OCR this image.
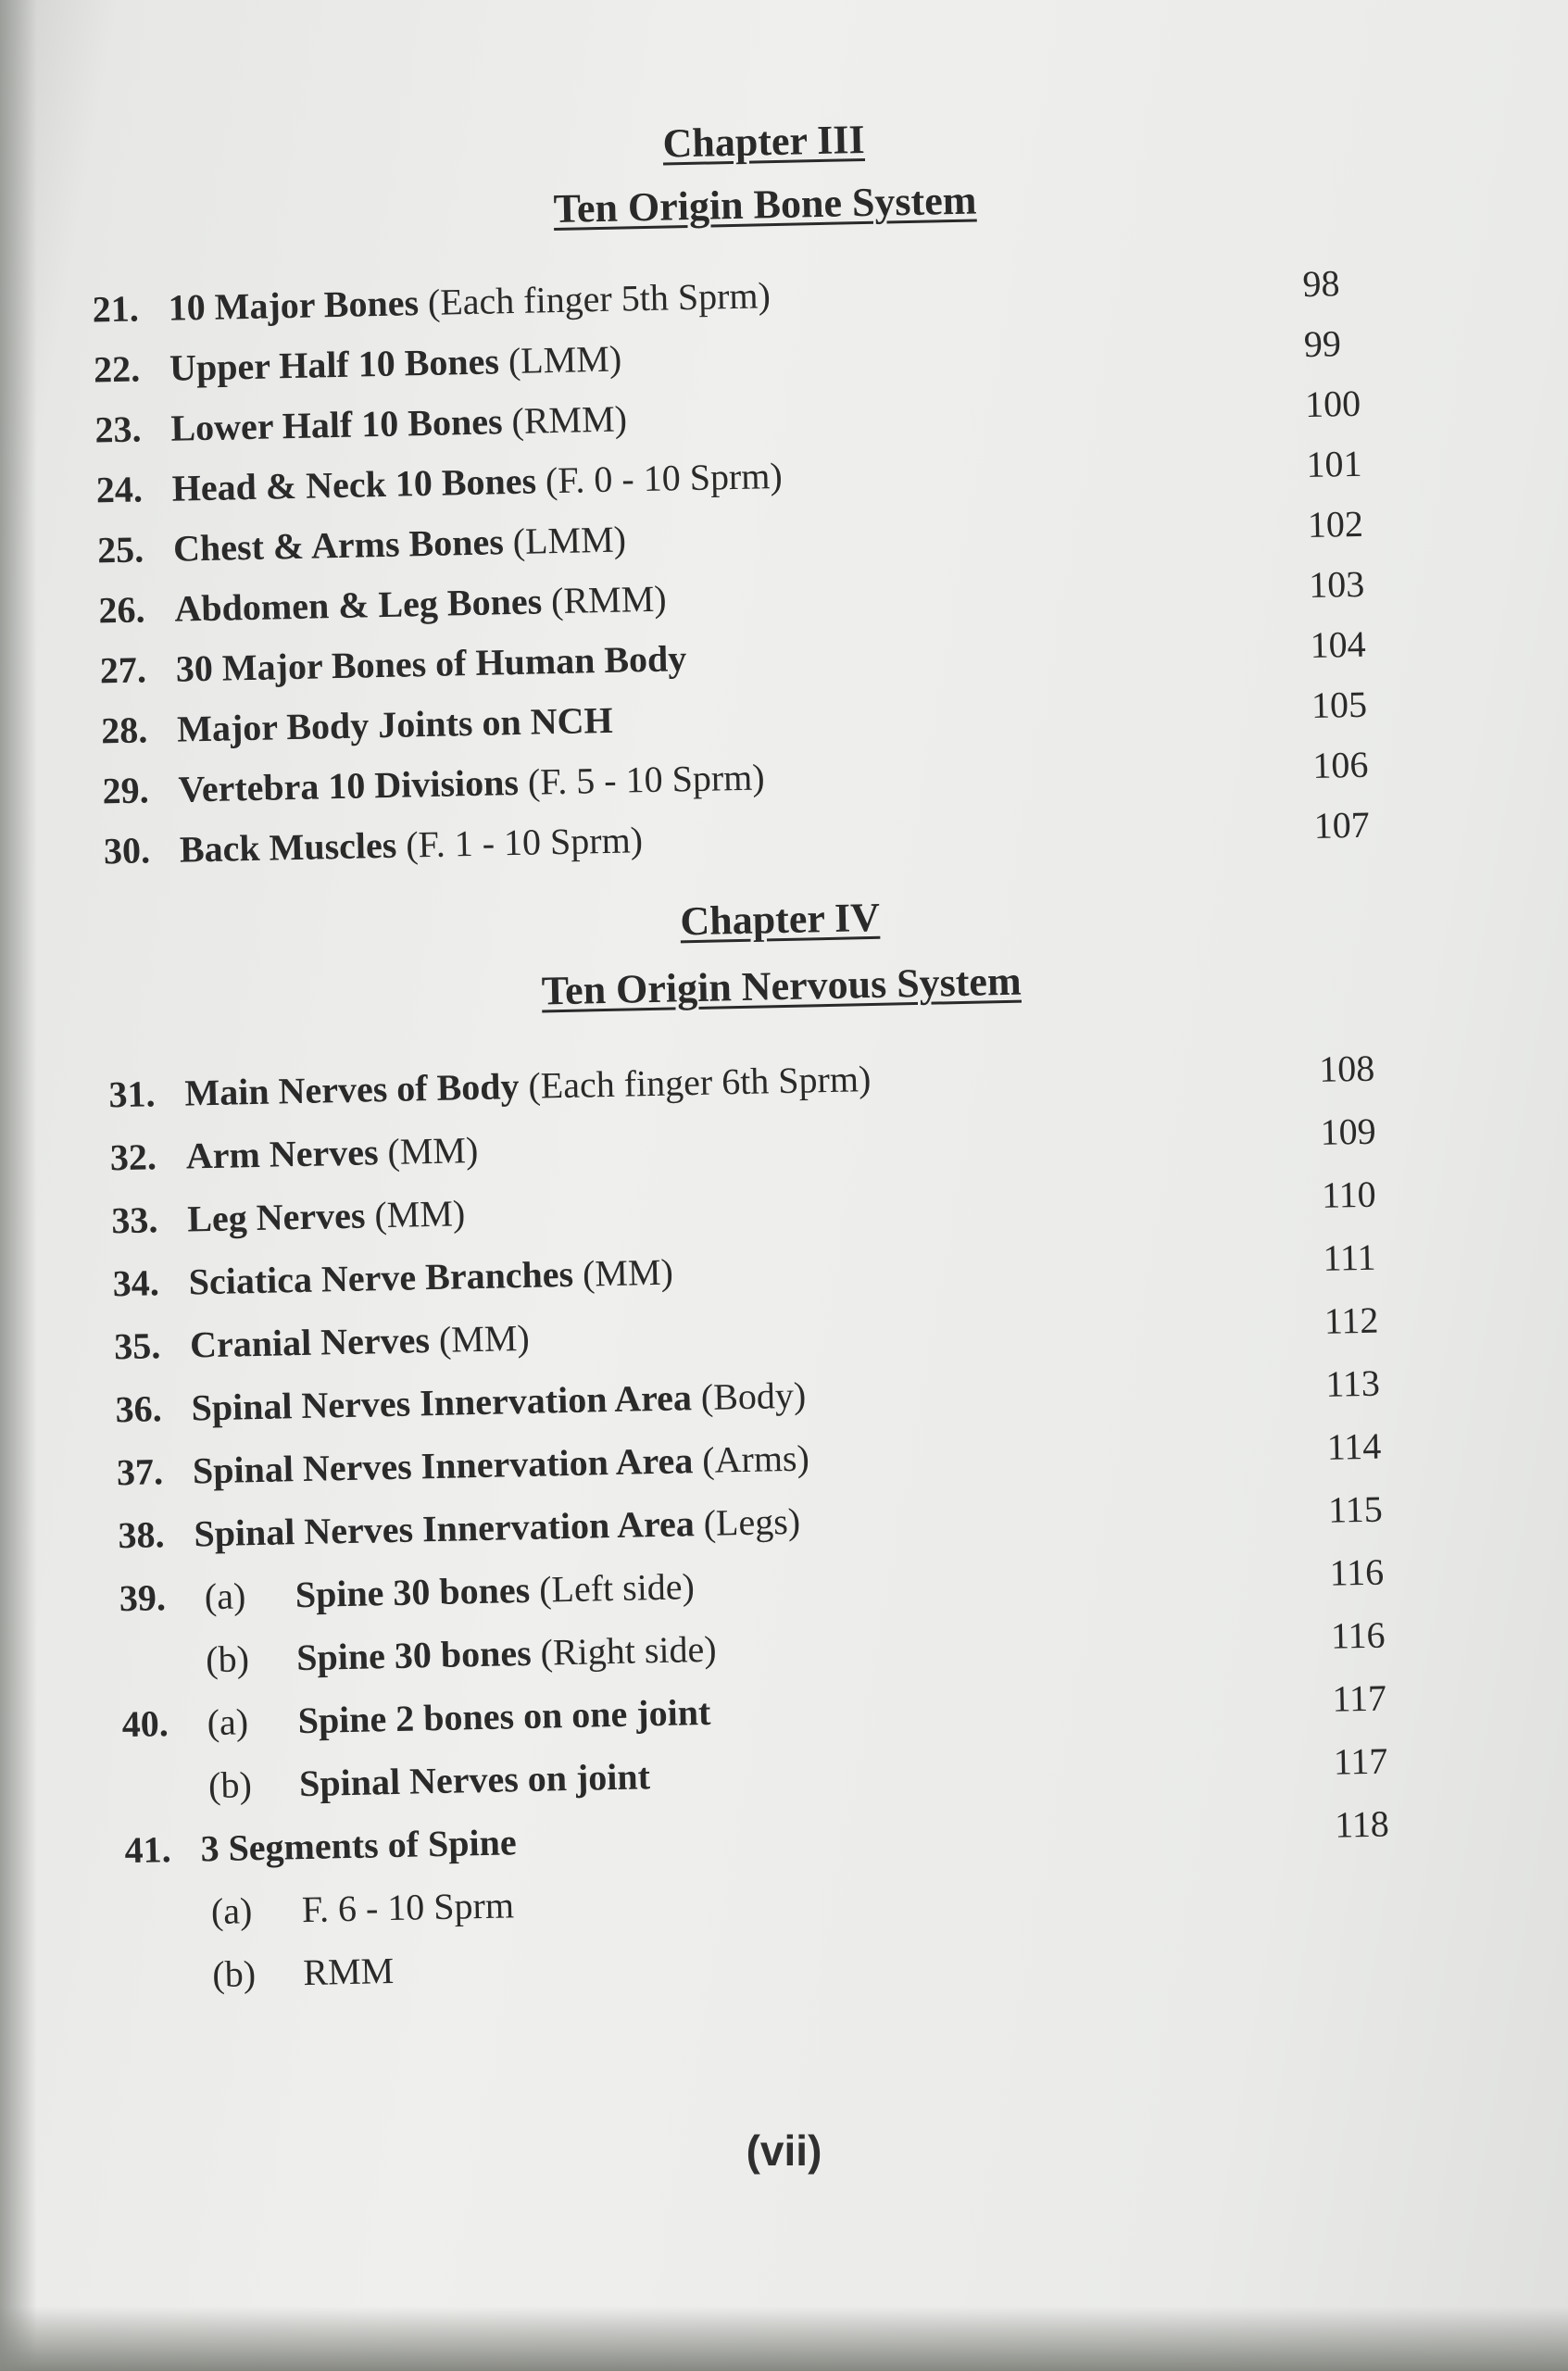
Chapter III
Ten Origin Bone System
21. 10 Major Bones (Each finger 5th Sprm)	98
22. Upper Half 10 Bones (LMM)	99
23. Lower Half 10 Bones (RMM)	100
24. Head & Neck 10 Bones (F. 0 - 10 Sprm)	101
25. Chest & Arms Bones (LMM)	102
26. Abdomen & Leg Bones (RMM)	103
27. 30 Major Bones of Human Body	104
28. Major Body Joints on NCH	105
29. Vertebra 10 Divisions (F. 5 - 10 Sprm)	106
30. Back Muscles (F. 1 - 10 Sprm)	107
Chapter IV
Ten Origin Nervous System
31. Main Nerves of Body (Each finger 6th Sprm)	108
32. Arm Nerves (MM)	109
33. Leg Nerves (MM)	110
34. Sciatica Nerve Branches (MM)	111
35. Cranial Nerves (MM)	112
36. Spinal Nerves Innervation Area (Body)	113
37. Spinal Nerves Innervation Area (Arms)	114
38. Spinal Nerves Innervation Area (Legs)	115
39. (a) Spine 30 bones (Left side)	116
(b) Spine 30 bones (Right side)	116
40. (a) Spine 2 bones on one joint	117
(b) Spinal Nerves on joint	117
41. 3 Segments of Spine	118
(a) F. 6 - 10 Sprm
(b) RMM
(vii)
